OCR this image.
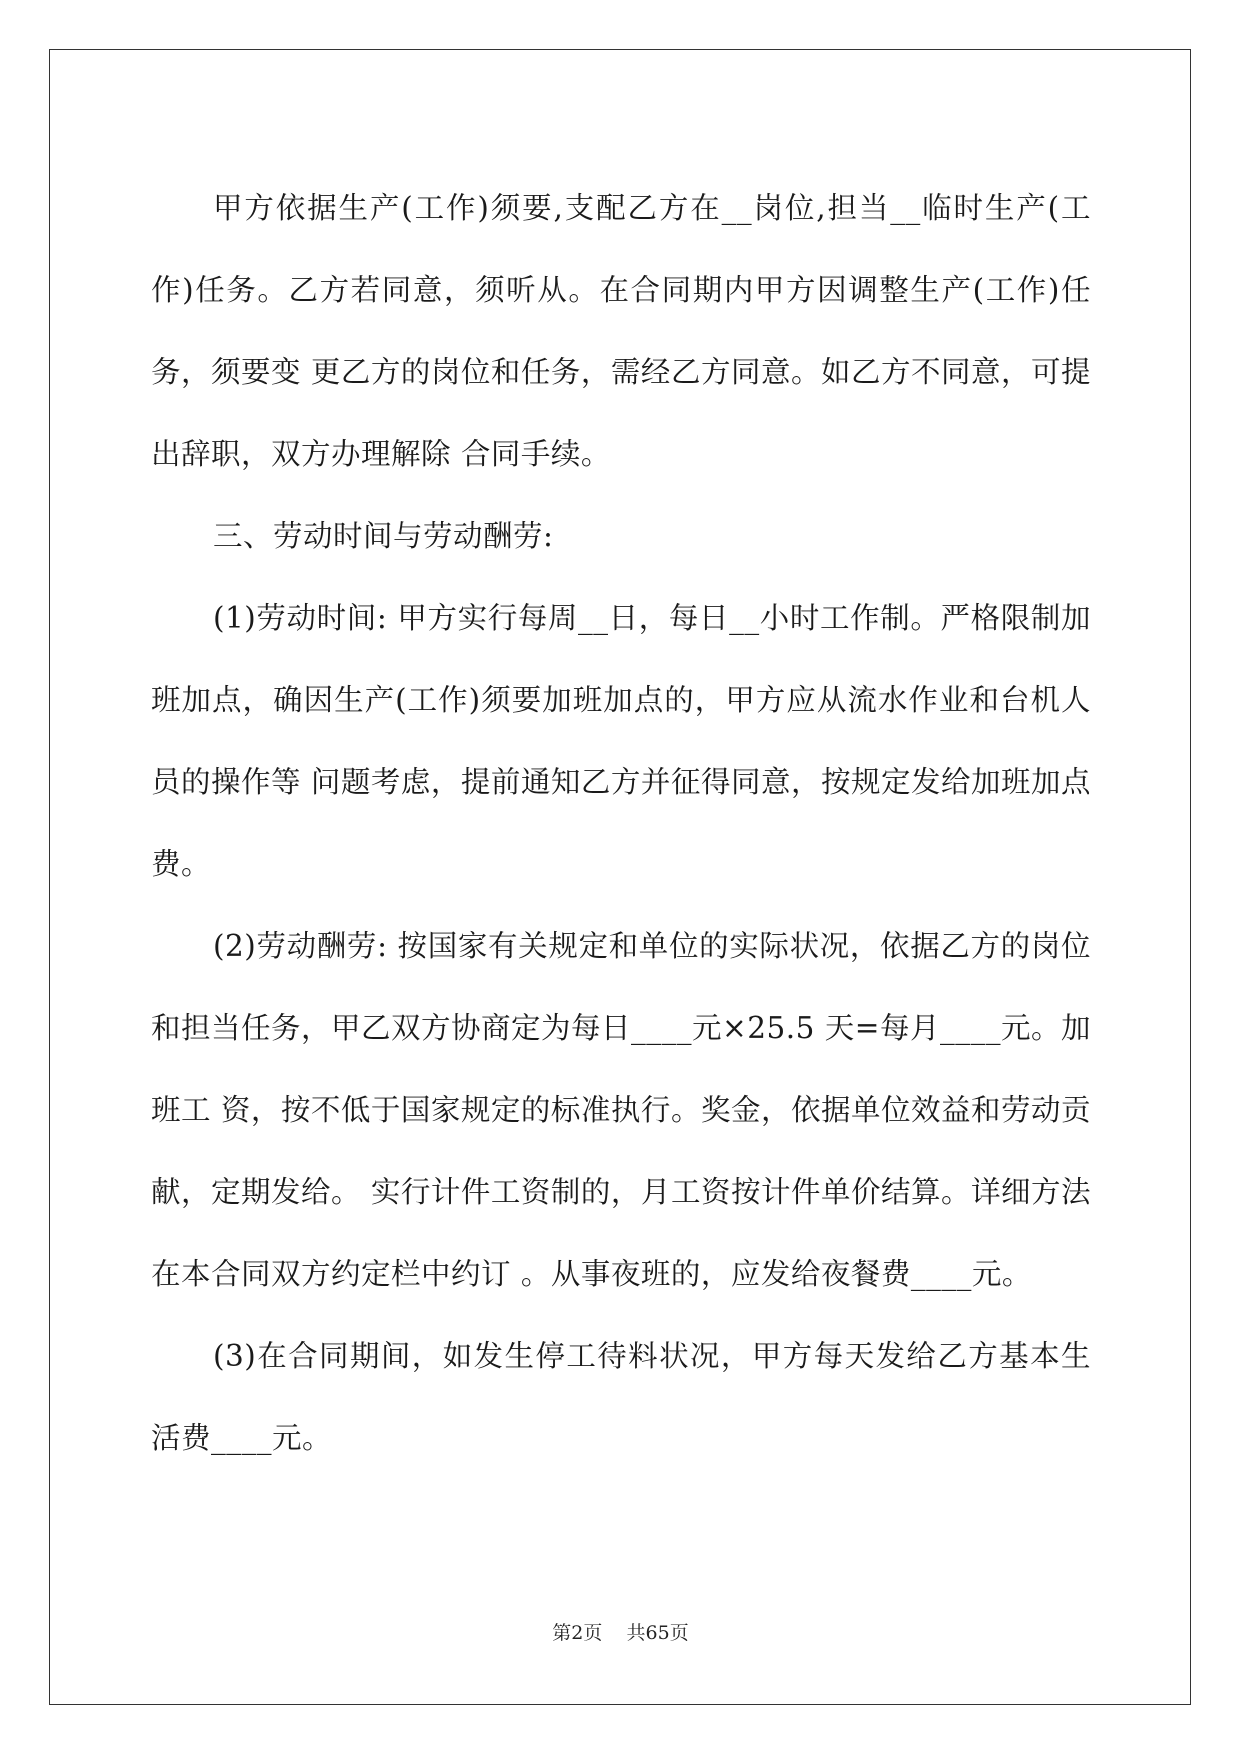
甲方依据生产(工作)须要,支配乙方在__岗位,担当__临时生产(工作)任务。乙方若同意，须听从。在合同期内甲方因调整生产(工作)任务，须要变 更乙方的岗位和任务，需经乙方同意。如乙方不同意，可提出辞职，双方办理解除 合同手续。

三、劳动时间与劳动酬劳:

(1)劳动时间: 甲方实行每周__日，每日__小时工作制。严格限制加班加点，确因生产(工作)须要加班加点的，甲方应从流水作业和台机人员的操作等 问题考虑，提前通知乙方并征得同意，按规定发给加班加点费。

(2)劳动酬劳: 按国家有关规定和单位的实际状况，依据乙方的岗位和担当任务，甲乙双方协商定为每日____元×25.5 天=每月____元。加班工 资，按不低于国家规定的标准执行。奖金，依据单位效益和劳动贡献，定期发给。 实行计件工资制的，月工资按计件单价结算。详细方法在本合同双方约定栏中约订 。从事夜班的，应发给夜餐费____元。

(3)在合同期间，如发生停工待料状况，甲方每天发给乙方基本生活费____元。

第2页 共65页
